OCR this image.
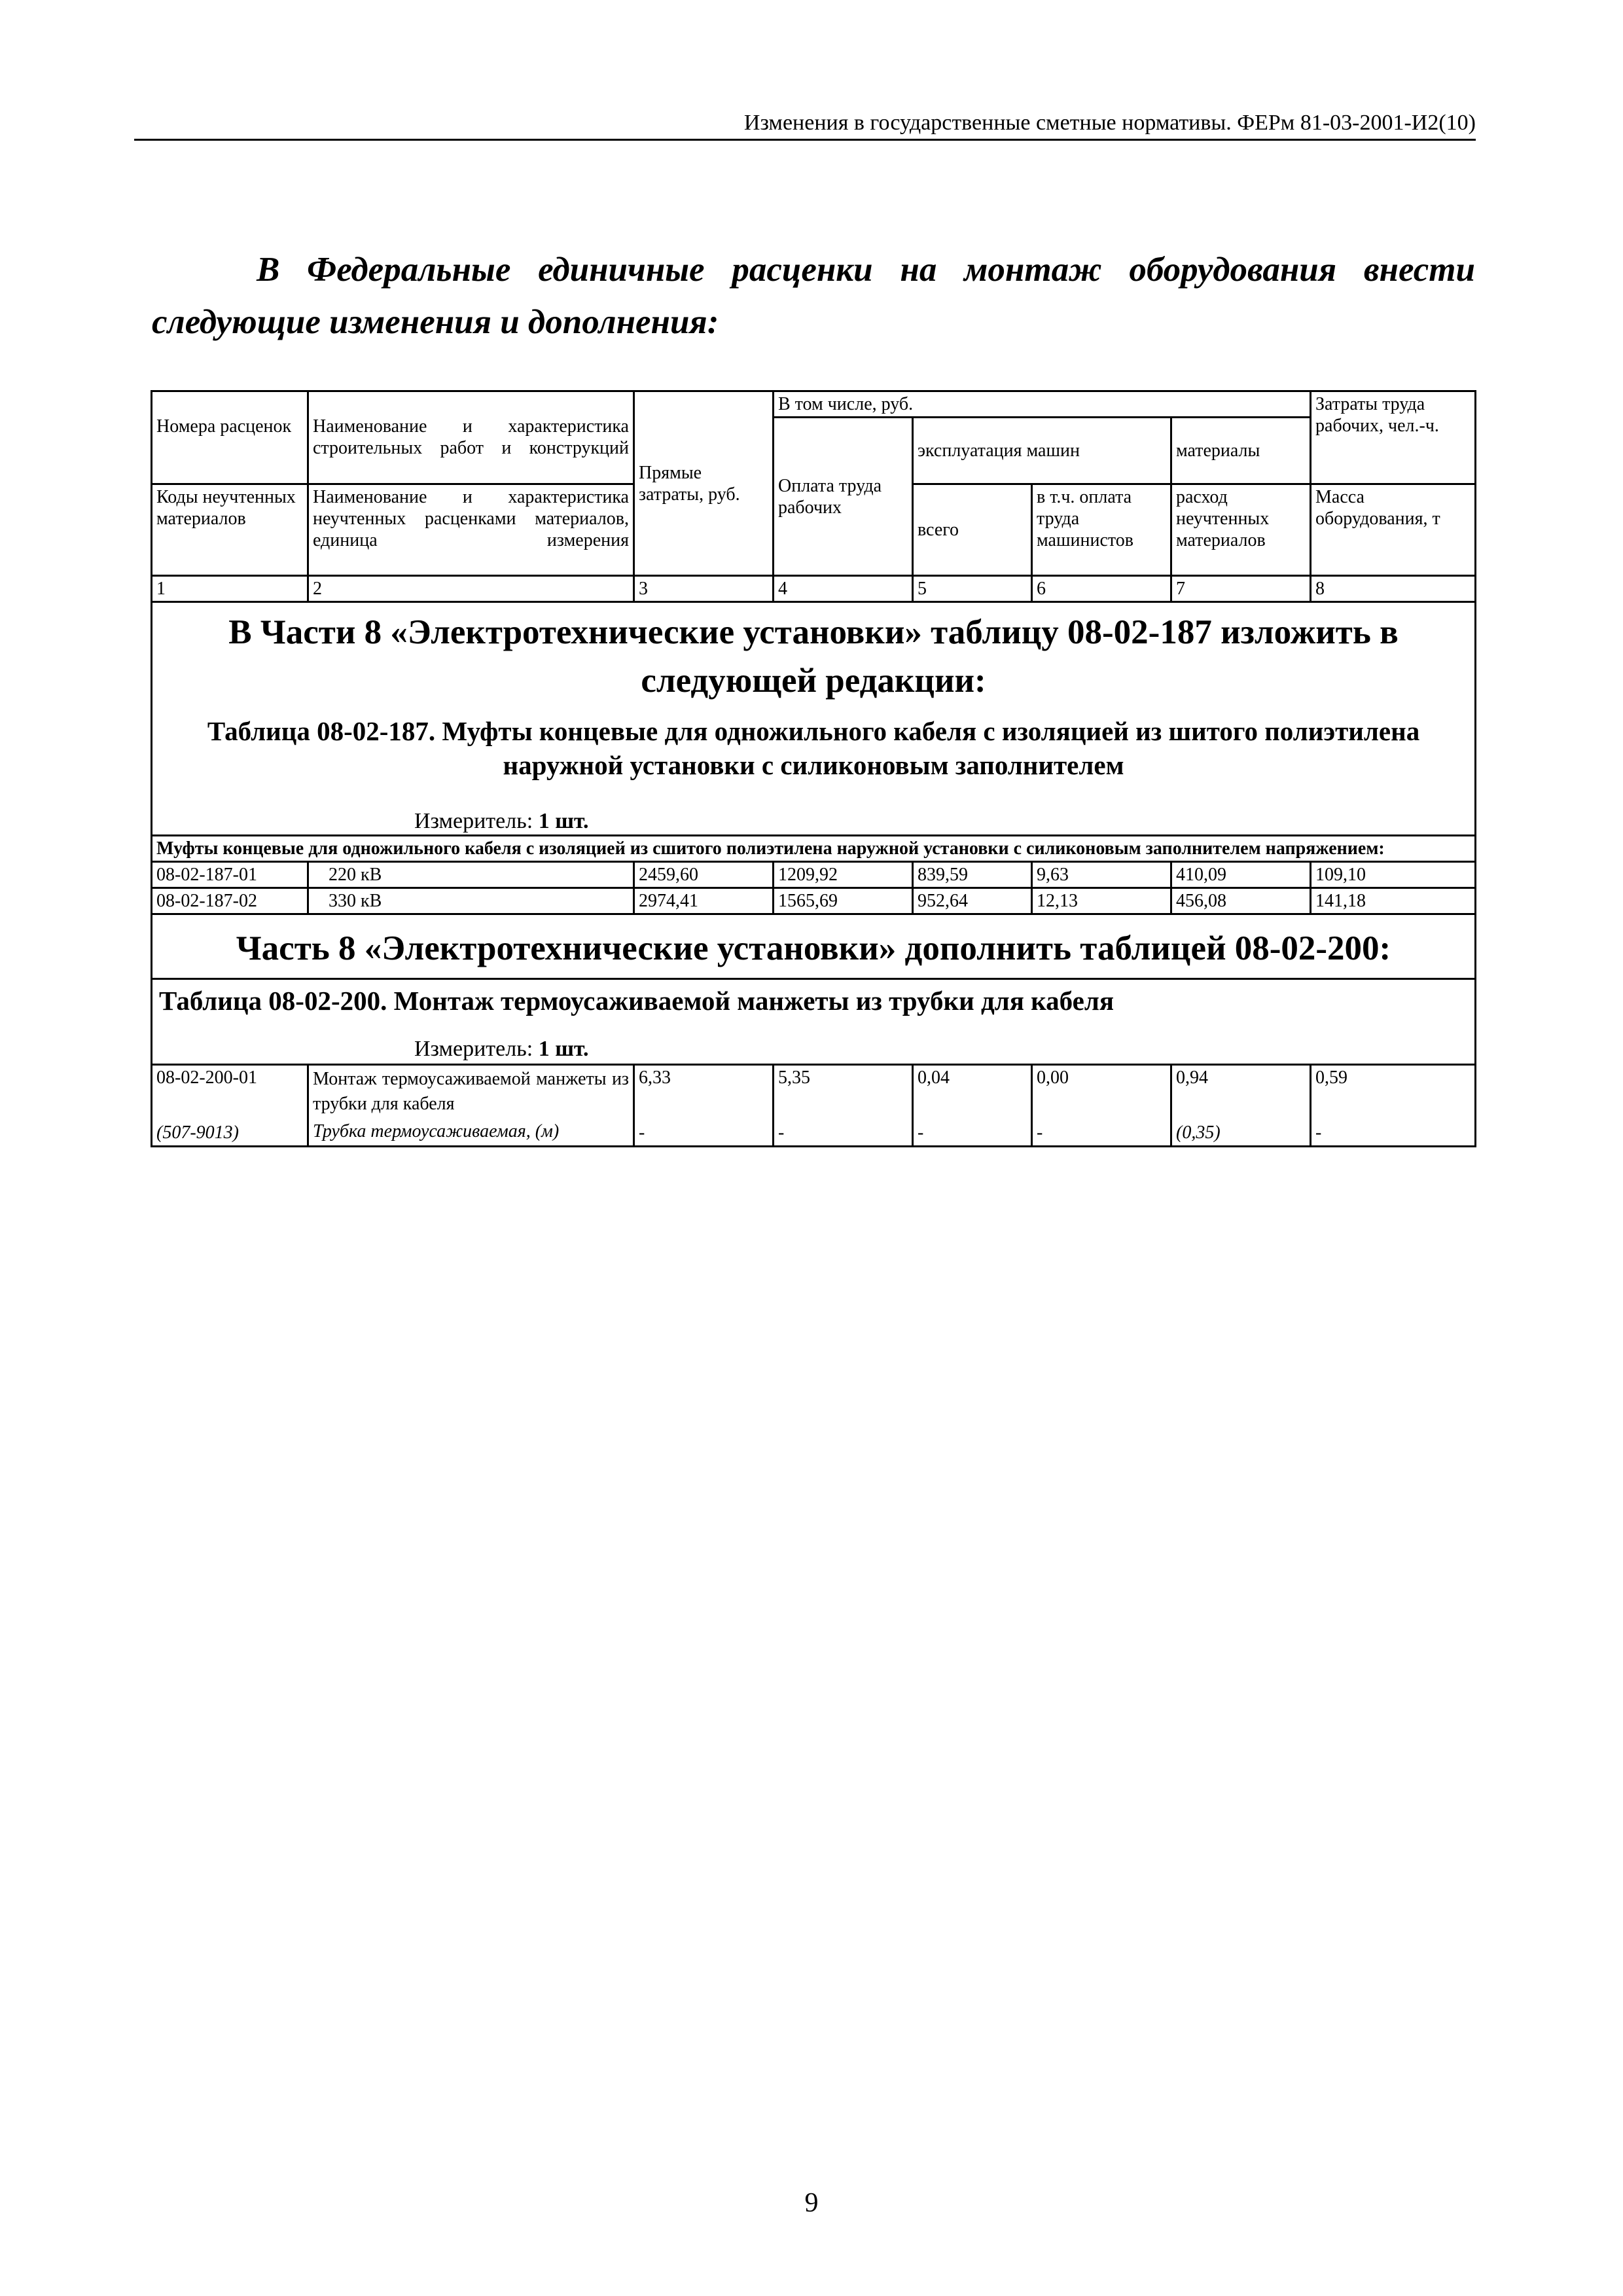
Изменения в государственные сметные нормативы. ФЕРм 81-03-2001-И2(10)
В Федеральные единичные расценки на монтаж оборудования внести следующие изменения и дополнения:
Номера расценок	Наименование и характеристика строительных работ и конструкций	Прямые затраты, руб.	В том числе, руб.				Затраты труда рабочих, чел.-ч.
			Оплата труда рабочих	эксплуатация машин		материалы	
				всего	в т.ч. оплата труда машинистов	расход неучтенных материалов	
Коды неучтенных материалов	Наименование и характеристика неучтенных расценками материалов, единица измерения						Масса оборудования, т

1	2	3	4	5	6	7	8

В Части 8 «Электротехнические установки» таблицу 08-02-187 изложить в следующей редакции:
Таблица 08-02-187. Муфты концевые для одножильного кабеля с изоляцией из шитого полиэтилена наружной установки с силиконовым заполнителем
Измеритель: 1 шт.							

Муфты концевые для одножильного кабеля с изоляцией из сшитого полиэтилена наружной установки с силиконовым заполнителем напряжением:							
08-02-187-01	220 кВ	2459,60	1209,92	839,59	9,63	410,09	109,10
08-02-187-02	330 кВ	2974,41	1565,69	952,64	12,13	456,08	141,18

Часть 8 «Электротехнические установки» дополнить таблицей 08-02-200:							

Таблица 08-02-200. Монтаж термоусаживаемой манжеты из трубки для кабеля
Измеритель: 1 шт.							

08-02-200-01	Монтаж термоусаживаемой манжеты из трубки для кабеля	6,33	5,35	0,04	0,00	0,94	0,59
(507-9013)	Трубка термоусаживаемая, (м)	-	-	-	-	(0,35)	-
9
